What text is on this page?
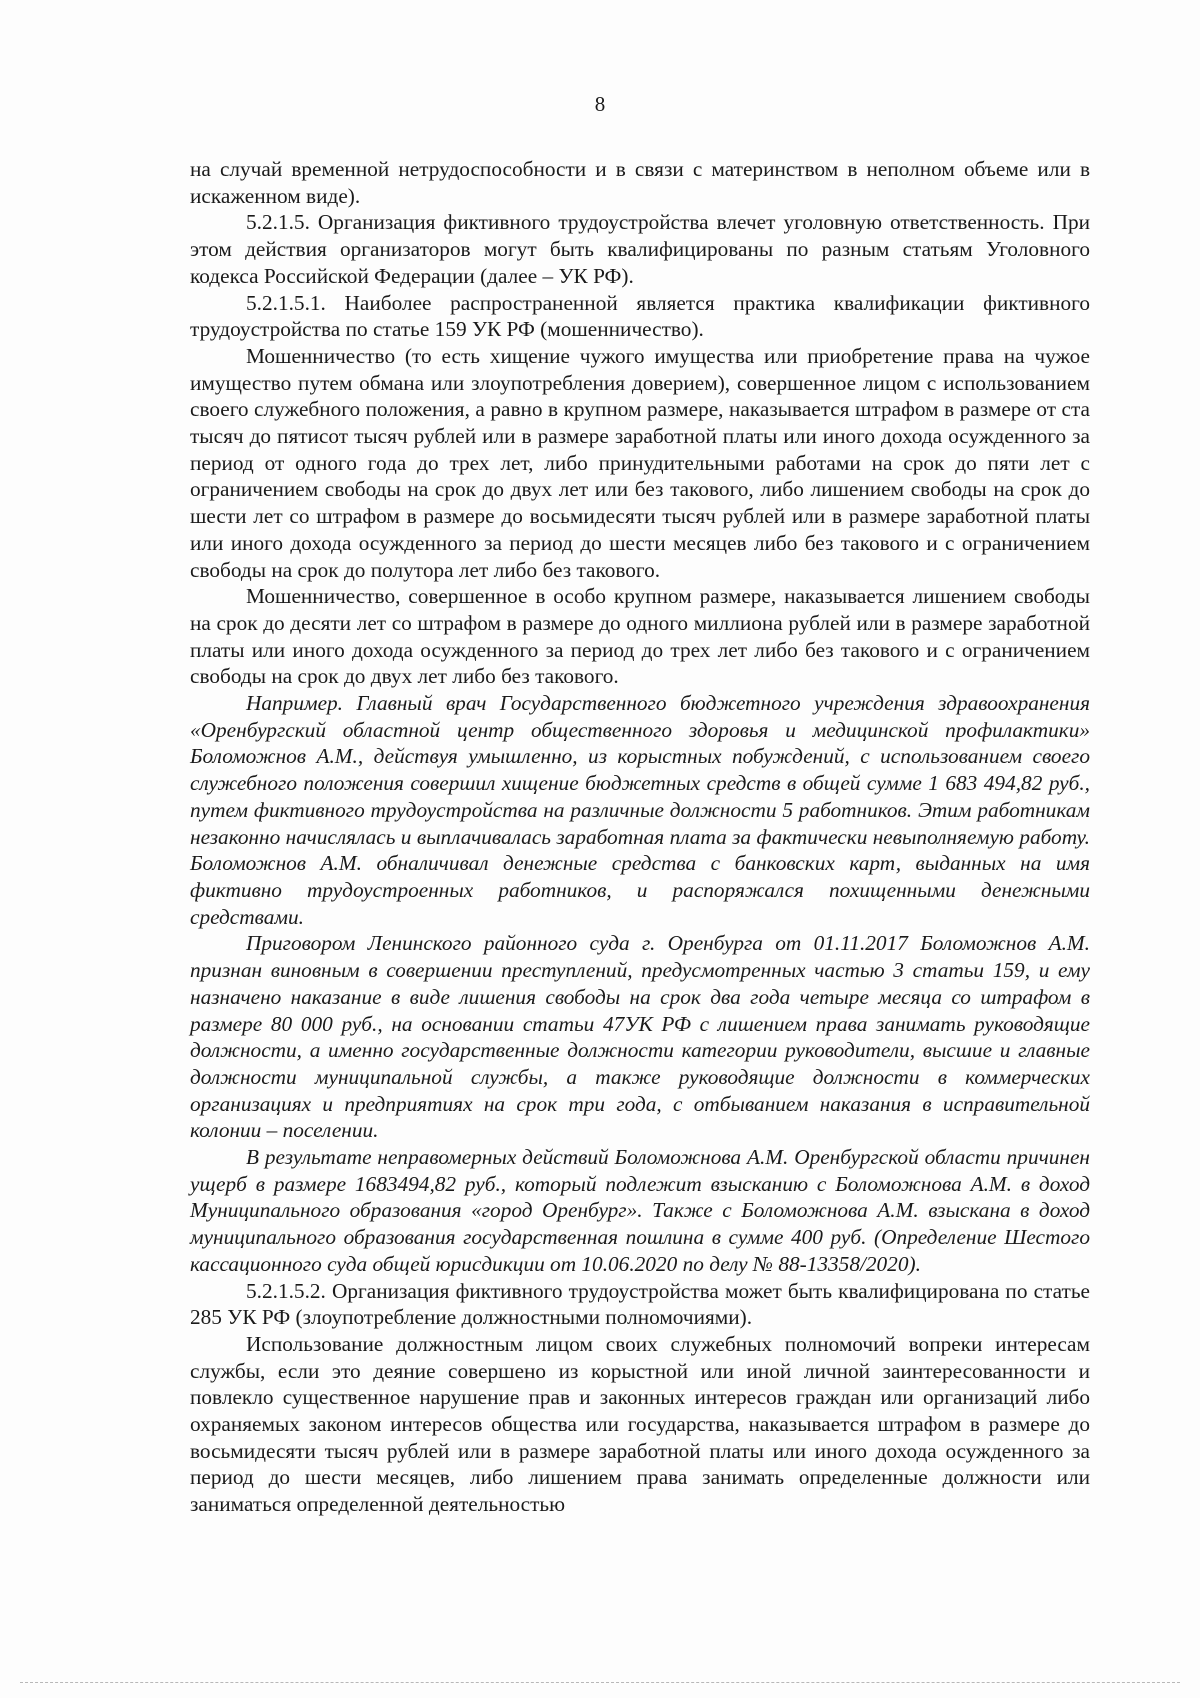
8

на случай временной нетрудоспособности и в связи с материнством в неполном объеме или в искаженном виде).

5.2.1.5. Организация фиктивного трудоустройства влечет уголовную ответственность. При этом действия организаторов могут быть квалифицированы по разным статьям Уголовного кодекса Российской Федерации (далее – УК РФ).

5.2.1.5.1. Наиболее распространенной является практика квалификации фиктивного трудоустройства по статье 159 УК РФ (мошенничество).

Мошенничество (то есть хищение чужого имущества или приобретение права на чужое имущество путем обмана или злоупотребления доверием), совершенное лицом с использованием своего служебного положения, а равно в крупном размере, наказывается штрафом в размере от ста тысяч до пятисот тысяч рублей или в размере заработной платы или иного дохода осужденного за период от одного года до трех лет, либо принудительными работами на срок до пяти лет с ограничением свободы на срок до двух лет или без такового, либо лишением свободы на срок до шести лет со штрафом в размере до восьмидесяти тысяч рублей или в размере заработной платы или иного дохода осужденного за период до шести месяцев либо без такового и с ограничением свободы на срок до полутора лет либо без такового.

Мошенничество, совершенное в особо крупном размере, наказывается лишением свободы на срок до десяти лет со штрафом в размере до одного миллиона рублей или в размере заработной платы или иного дохода осужденного за период до трех лет либо без такового и с ограничением свободы на срок до двух лет либо без такового.

Например. Главный врач Государственного бюджетного учреждения здравоохранения «Оренбургский областной центр общественного здоровья и медицинской профилактики» Боломожнов А.М., действуя умышленно, из корыстных побуждений, с использованием своего служебного положения совершил хищение бюджетных средств в общей сумме 1 683 494,82 руб., путем фиктивного трудоустройства на различные должности 5 работников. Этим работникам незаконно начислялась и выплачивалась заработная плата за фактически невыполняемую работу. Боломожнов А.М. обналичивал денежные средства с банковских карт, выданных на имя фиктивно трудоустроенных работников, и распоряжался похищенными денежными средствами.

Приговором Ленинского районного суда г. Оренбурга от 01.11.2017 Боломожнов А.М. признан виновным в совершении преступлений, предусмотренных частью 3 статьи 159, и ему назначено наказание в виде лишения свободы на срок два года четыре месяца со штрафом в размере 80 000 руб., на основании статьи 47УК РФ с лишением права занимать руководящие должности, а именно государственные должности категории руководители, высшие и главные должности муниципальной службы, а также руководящие должности в коммерческих организациях и предприятиях на срок три года, с отбыванием наказания в исправительной колонии – поселении.

В результате неправомерных действий Боломожнова А.М. Оренбургской области причинен ущерб в размере 1683494,82 руб., который подлежит взысканию с Боломожнова А.М. в доход Муниципального образования «город Оренбург». Также с Боломожнова А.М. взыскана в доход муниципального образования государственная пошлина в сумме 400 руб. (Определение Шестого кассационного суда общей юрисдикции от 10.06.2020 по делу № 88-13358/2020).

5.2.1.5.2. Организация фиктивного трудоустройства может быть квалифицирована по статье 285 УК РФ (злоупотребление должностными полномочиями).

Использование должностным лицом своих служебных полномочий вопреки интересам службы, если это деяние совершено из корыстной или иной личной заинтересованности и повлекло существенное нарушение прав и законных интересов граждан или организаций либо охраняемых законом интересов общества или государства, наказывается штрафом в размере до восьмидесяти тысяч рублей или в размере заработной платы или иного дохода осужденного за период до шести месяцев, либо лишением права занимать определенные должности или заниматься определенной деятельностью
